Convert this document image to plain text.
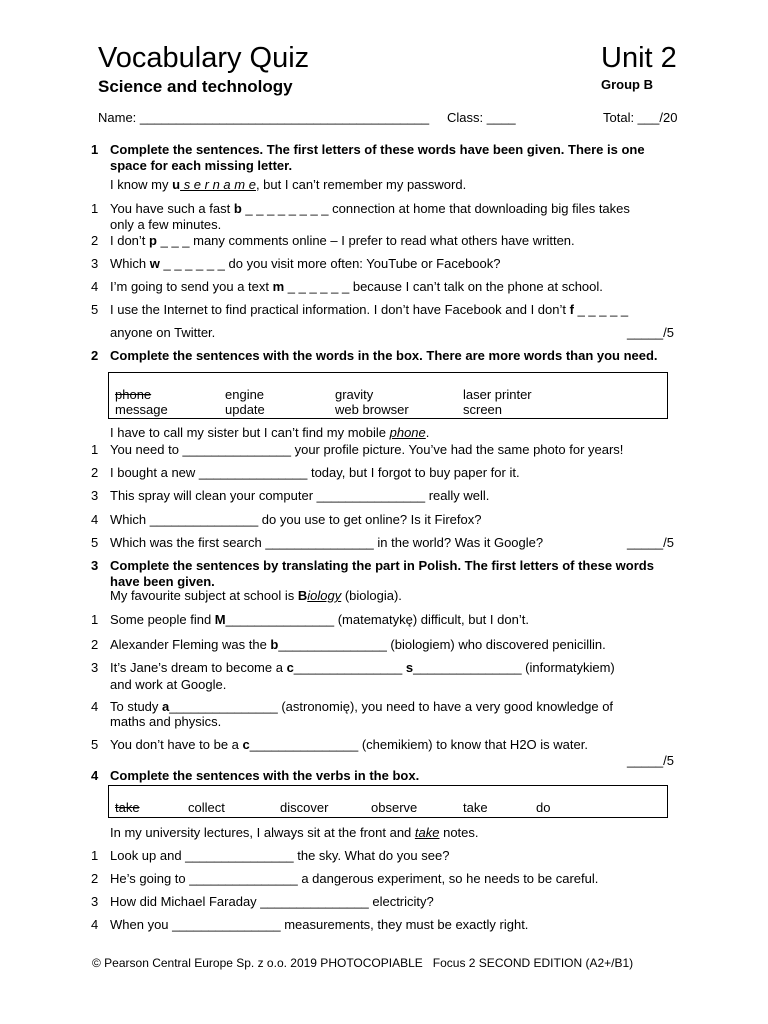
Vocabulary Quiz
Science and technology
Unit 2
Group B
Name: ________________________________________ Class: ____	Total: ___/20
1 Complete the sentences. The first letters of these words have been given. There is one space for each missing letter.
I know my u s e r n a m e, but I can’t remember my password.
1 You have such a fast b _ _ _ _ _ _ _ _ connection at home that downloading big files takes only a few minutes.
2 I don’t p _ _ _ many comments online – I prefer to read what others have written.
3 Which w _ _ _ _ _ _ do you visit more often: YouTube or Facebook?
4 I’m going to send you a text m _ _ _ _ _ _ because I can’t talk on the phone at school.
5 I use the Internet to find practical information. I don’t have Facebook and I don’t f _ _ _ _ _
anyone on Twitter.	_____/5
2 Complete the sentences with the words in the box. There are more words than you need.
phone	engine	gravity	laser printer
message	update	web browser	screen
I have to call my sister but I can’t find my mobile phone.
1 You need to _______________ your profile picture. You’ve had the same photo for years!
2 I bought a new _______________ today, but I forgot to buy paper for it.
3 This spray will clean your computer _______________ really well.
4 Which _______________ do you use to get online? Is it Firefox?
5 Which was the first search _______________ in the world? Was it Google?	_____/5
3 Complete the sentences by translating the part in Polish. The first letters of these words have been given.
My favourite subject at school is Biology (biologia).
1 Some people find M_______________ (matematykę) difficult, but I don’t.
2 Alexander Fleming was the b_______________ (biologiem) who discovered penicillin.
3 It’s Jane’s dream to become a c_______________ s_______________ (informatykiem)
and work at Google.
4 To study a_______________ (astronomię), you need to have a very good knowledge of
maths and physics.
5 You don’t have to be a c_______________ (chemikiem) to know that H2O is water.
_____/5
4 Complete the sentences with the verbs in the box.
take	collect	discover	observe	take	do
In my university lectures, I always sit at the front and take notes.
1 Look up and _______________ the sky. What do you see?
2 He’s going to _______________ a dangerous experiment, so he needs to be careful.
3 How did Michael Faraday _______________ electricity?
4 When you _______________ measurements, they must be exactly right.
© Pearson Central Europe Sp. z o.o. 2019 PHOTOCOPIABLE   Focus 2 SECOND EDITION (A2+/B1)
